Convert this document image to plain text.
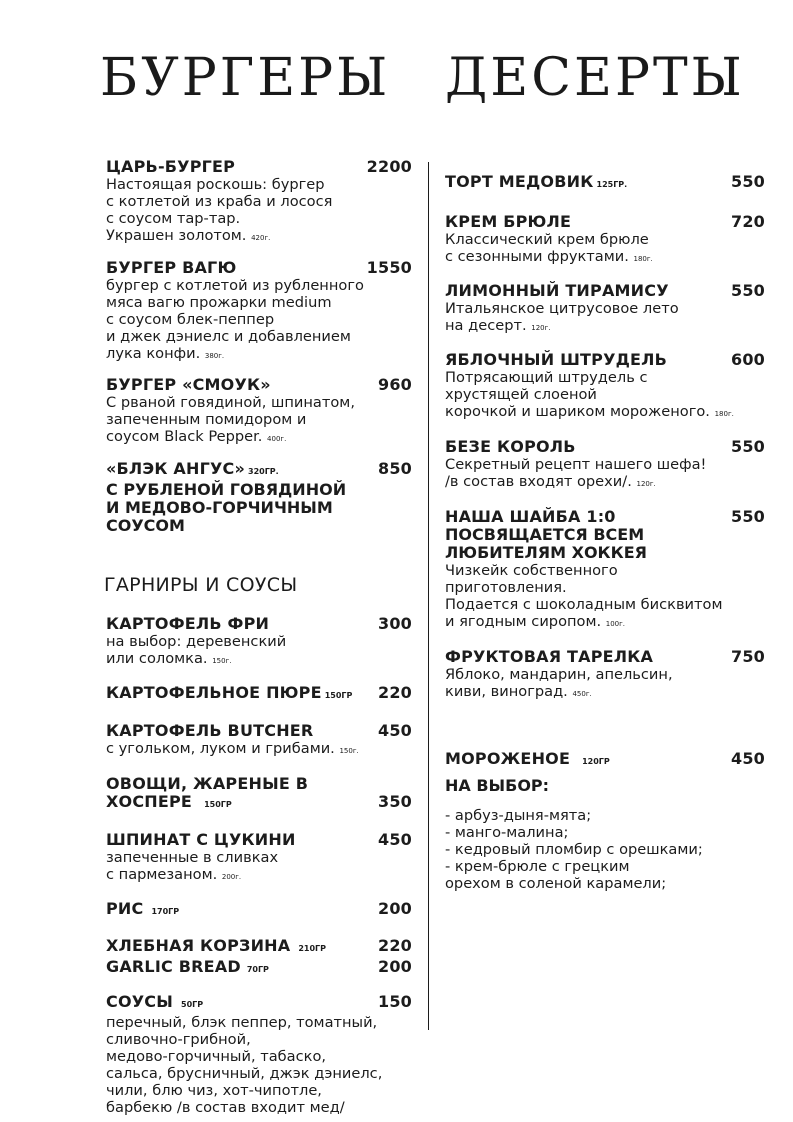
БУРГЕРЫ ДЕСЕРТЫ
ЦАРЬ-БУРГЕР	2200
Настоящая роскошь: бургер
с котлетой из краба и лосося
с соусом тар-тар.
Украшен золотом. 420г.
БУРГЕР ВАГЮ	1550
бургер с котлетой из рубленного
мяса вагю прожарки medium
с соусом блек-пеппер
и джек дэниелс и добавлением
лука конфи. 380г.
БУРГЕР «СМОУК»	960
С рваной говядиной, шпинатом,
запеченным помидором и
соусом Black Pepper. 400г.
«БЛЭК АНГУС» 320ГР.	850
С РУБЛЕНОЙ ГОВЯДИНОЙ
И МЕДОВО-ГОРЧИЧНЫМ СОУСОМ
ГАРНИРЫ И СОУСЫ
КАРТОФЕЛЬ ФРИ	300
на выбор: деревенский
или соломка. 150г.
КАРТОФЕЛЬНОЕ ПЮРЕ 150ГР	220
КАРТОФЕЛЬ BUTCHER	450
с угольком, луком и грибами. 150г.
ОВОЩИ, ЖАРЕНЫЕ В
ХОСПЕРЕ 150ГР	350
ШПИНАТ С ЦУКИНИ	450
запеченные в сливках
с пармезаном. 200г.
РИС 170ГР	200
ХЛЕБНАЯ КОРЗИНА 210ГР	220
GARLIC BREAD 70ГР	200
СОУСЫ 50ГР	150
перечный, блэк пеппер, томатный,
сливочно-грибной,
медово-горчичный, табаско,
сальса, брусничный, джэк дэниелс,
чили, блю чиз, хот-чипотле,
барбекю /в состав входит мед/
ТОРТ МЕДОВИК 125ГР.	550
КРЕМ БРЮЛЕ	720
Классический крем брюле
с сезонными фруктами. 180г.
ЛИМОННЫЙ ТИРАМИСУ	550
Итальянское цитрусовое лето
на десерт. 120г.
ЯБЛОЧНЫЙ ШТРУДЕЛЬ	600
Потрясающий штрудель с
хрустящей слоеной
корочкой и шариком мороженого. 180г.
БЕЗЕ КОРОЛЬ	550
Секретный рецепт нашего шефа!
/в состав входят орехи/. 120г.
НАША ШАЙБА 1:0	550
ПОСВЯЩАЕТСЯ ВСЕМ
ЛЮБИТЕЛЯМ ХОККЕЯ
Чизкейк собственного
приготовления.
Подается с шоколадным бисквитом
и ягодным сиропом. 100г.
ФРУКТОВАЯ ТАРЕЛКА	750
Яблоко, мандарин, апельсин,
киви, виноград. 450г.
МОРОЖЕНОЕ 120ГР	450
НА ВЫБОР:
- арбуз-дыня-мята;
- манго-малина;
- кедровый пломбир с орешками;
- крем-брюле с грецким
орехом в соленой карамели;
